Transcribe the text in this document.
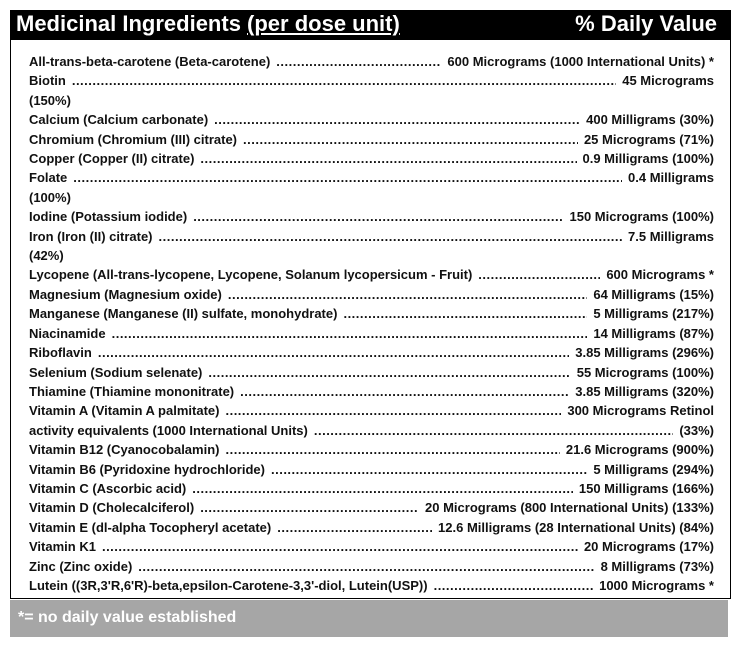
Medicinal Ingredients (per dose unit)	% Daily Value
All-trans-beta-carotene (Beta-carotene) .....	600 Micrograms (1000 International Units) *
Biotin .....	45 Micrograms
(150%)
Calcium (Calcium carbonate) .....	400 Milligrams (30%)
Chromium (Chromium (III) citrate) .....	25 Micrograms (71%)
Copper (Copper (II) citrate) .....	0.9 Milligrams (100%)
Folate .....	0.4 Milligrams
(100%)
Iodine (Potassium iodide) .....	150 Micrograms (100%)
Iron (Iron (II) citrate) .....	7.5 Milligrams
(42%)
Lycopene (All-trans-lycopene, Lycopene, Solanum lycopersicum - Fruit) .....	600 Micrograms *
Magnesium (Magnesium oxide) .....	64 Milligrams (15%)
Manganese (Manganese (II) sulfate, monohydrate) .....	5 Milligrams (217%)
Niacinamide .....	14 Milligrams (87%)
Riboflavin .....	3.85 Milligrams (296%)
Selenium (Sodium selenate) .....	55 Micrograms (100%)
Thiamine (Thiamine mononitrate) .....	3.85 Milligrams (320%)
Vitamin A (Vitamin A palmitate) .....	300 Micrograms Retinol
activity equivalents (1000 International Units) .....	(33%)
Vitamin B12 (Cyanocobalamin) .....	21.6 Micrograms (900%)
Vitamin B6 (Pyridoxine hydrochloride) .....	5 Milligrams (294%)
Vitamin C (Ascorbic acid) .....	150 Milligrams (166%)
Vitamin D (Cholecalciferol) .....	20 Micrograms (800 International Units) (133%)
Vitamin E (dl-alpha Tocopheryl acetate) .....	12.6 Milligrams (28 International Units) (84%)
Vitamin K1 .....	20 Micrograms (17%)
Zinc (Zinc oxide) .....	8 Milligrams (73%)
Lutein ((3R,3'R,6'R)-beta,epsilon-Carotene-3,3'-diol, Lutein(USP)) .....	1000 Micrograms *
*= no daily value established
